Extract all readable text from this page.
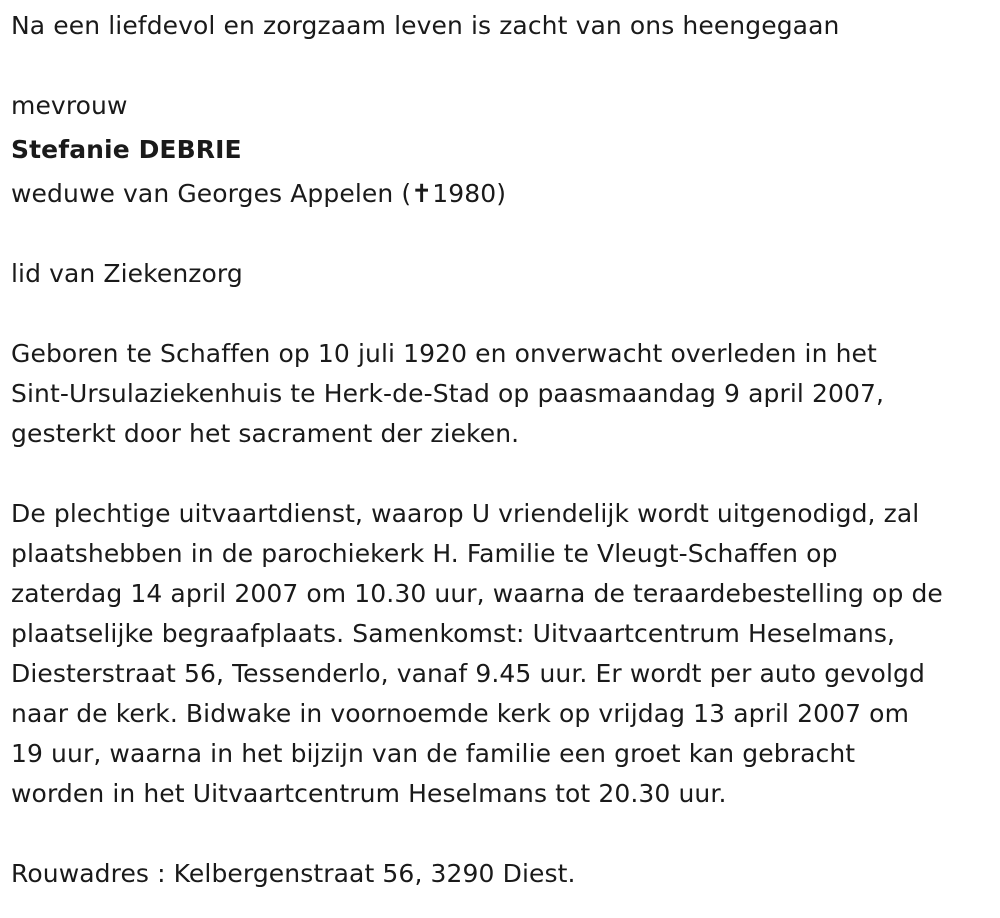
Na een liefdevol en zorgzaam leven is zacht van ons heengegaan
mevrouw
Stefanie DEBRIE
weduwe van Georges Appelen (✝1980)
lid van Ziekenzorg
Geboren te Schaffen op 10 juli 1920 en onverwacht overleden in het
Sint-Ursulaziekenhuis te Herk-de-Stad op paasmaandag 9 april 2007,
gesterkt door het sacrament der zieken.
De plechtige uitvaartdienst, waarop U vriendelijk wordt uitgenodigd, zal
plaatshebben in de parochiekerk H. Familie te Vleugt-Schaffen op
zaterdag 14 april 2007 om 10.30 uur, waarna de teraardebestelling op de
plaatselijke begraafplaats. Samenkomst: Uitvaartcentrum Heselmans,
Diesterstraat 56, Tessenderlo, vanaf 9.45 uur. Er wordt per auto gevolgd
naar de kerk. Bidwake in voornoemde kerk op vrijdag 13 april 2007 om
19 uur, waarna in het bijzijn van de familie een groet kan gebracht
worden in het Uitvaartcentrum Heselmans tot 20.30 uur.
Rouwadres : Kelbergenstraat 56, 3290 Diest.
